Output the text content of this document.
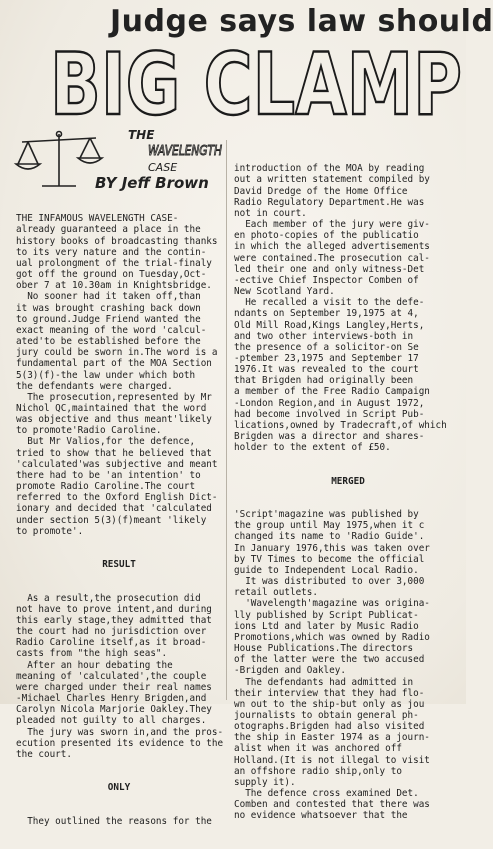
Judge says law should
BIG CLAMP
THE
WAVELENGTH
CASE
BY Jeff Brown

THE INFAMOUS WAVELENGTH CASE-

already guaranteed a place in the

history books of broadcasting thanks

to its very nature and the contin-

ual prolongment of the trial-finaly

got off the ground on Tuesday,Oct-

ober 7 at 10.30am in Knightsbridge.

No sooner had it taken off,than

it was brought crashing back down

to ground.Judge Friend wanted the

exact meaning of the word 'calcul-

ated'to be established before the

jury could be sworn in.The word is a

fundamental part of the MOA Section

5(3)(f)-the law under which both

the defendants were charged.

The prosecution,represented by Mr

Nichol QC,maintained that the word

was objective and thus meant'likely

to promote'Radio Caroline.

But Mr Valios,for the defence,

tried to show that he believed that

'calculated'was subjective and meant

there had to be 'an intention' to

promote Radio Caroline.The court

referred to the Oxford English Dict-

ionary and decided that 'calculated

under section 5(3)(f)meant 'likely

to promote'.

RESULT

As a result,the prosecution did

not have to prove intent,and during

this early stage,they admitted that

the court had no jurisdiction over

Radio Caroline itself,as it broad-

casts from "the high seas".

After an hour debating the

meaning of 'calculated',the couple

were charged under their real names

-Michael Charles Henry Brigden,and

Carolyn Nicola Marjorie Oakley.They

pleaded not guilty to all charges.

The jury was sworn in,and the pros-

ecution presented its evidence to the

the court.

ONLY

They outlined the reasons for the

introduction of the MOA by reading

out a written statement compiled by

David Dredge of the Home Office

Radio Regulatory Department.He was

not in court.

Each member of the jury were giv-

en photo-copies of the publicatio

in which the alleged advertisements

were contained.The prosecution cal-

led their one and only witness-Det

-ective Chief Inspector Comben of

New Scotland Yard.

He recalled a visit to the defe-

ndants on September 19,1975 at 4,

Old Mill Road,Kings Langley,Herts,

and two other interviews-both in

the presence of a solicitor-on Se

-ptember 23,1975 and September 17

1976.It was revealed to the court

that Brigden had originally been

a member of the Free Radio Campaign

-London Region,and in August 1972,

had become involved in Script Pub-

lications,owned by Tradecraft,of which

Brigden was a director and shares-

holder to the extent of £50.

MERGED

'Script'magazine was published by

the group until May 1975,when it c

changed its name to 'Radio Guide'.

In January 1976,this was taken over

by TV Times to become the official

guide to Independent Local Radio.

It was distributed to over 3,000

retail outlets.

'Wavelength'magazine was origina-

lly published by Script Publicat-

ions Ltd and later by Music Radio

Promotions,which was owned by Radio

House Publications.The directors

of the latter were the two accused

-Brigden and Oakley.

The defendants had admitted in

their interview that they had flo-

wn out to the ship-but only as jou

journalists to obtain general ph-

otographs.Brigden had also visited

the ship in Easter 1974 as a journ-

alist when it was anchored off

Holland.(It is not illegal to visit

an offshore radio ship,only to

supply it).

The defence cross examined Det.

Comben and contested that there was

no evidence whatsoever that the
